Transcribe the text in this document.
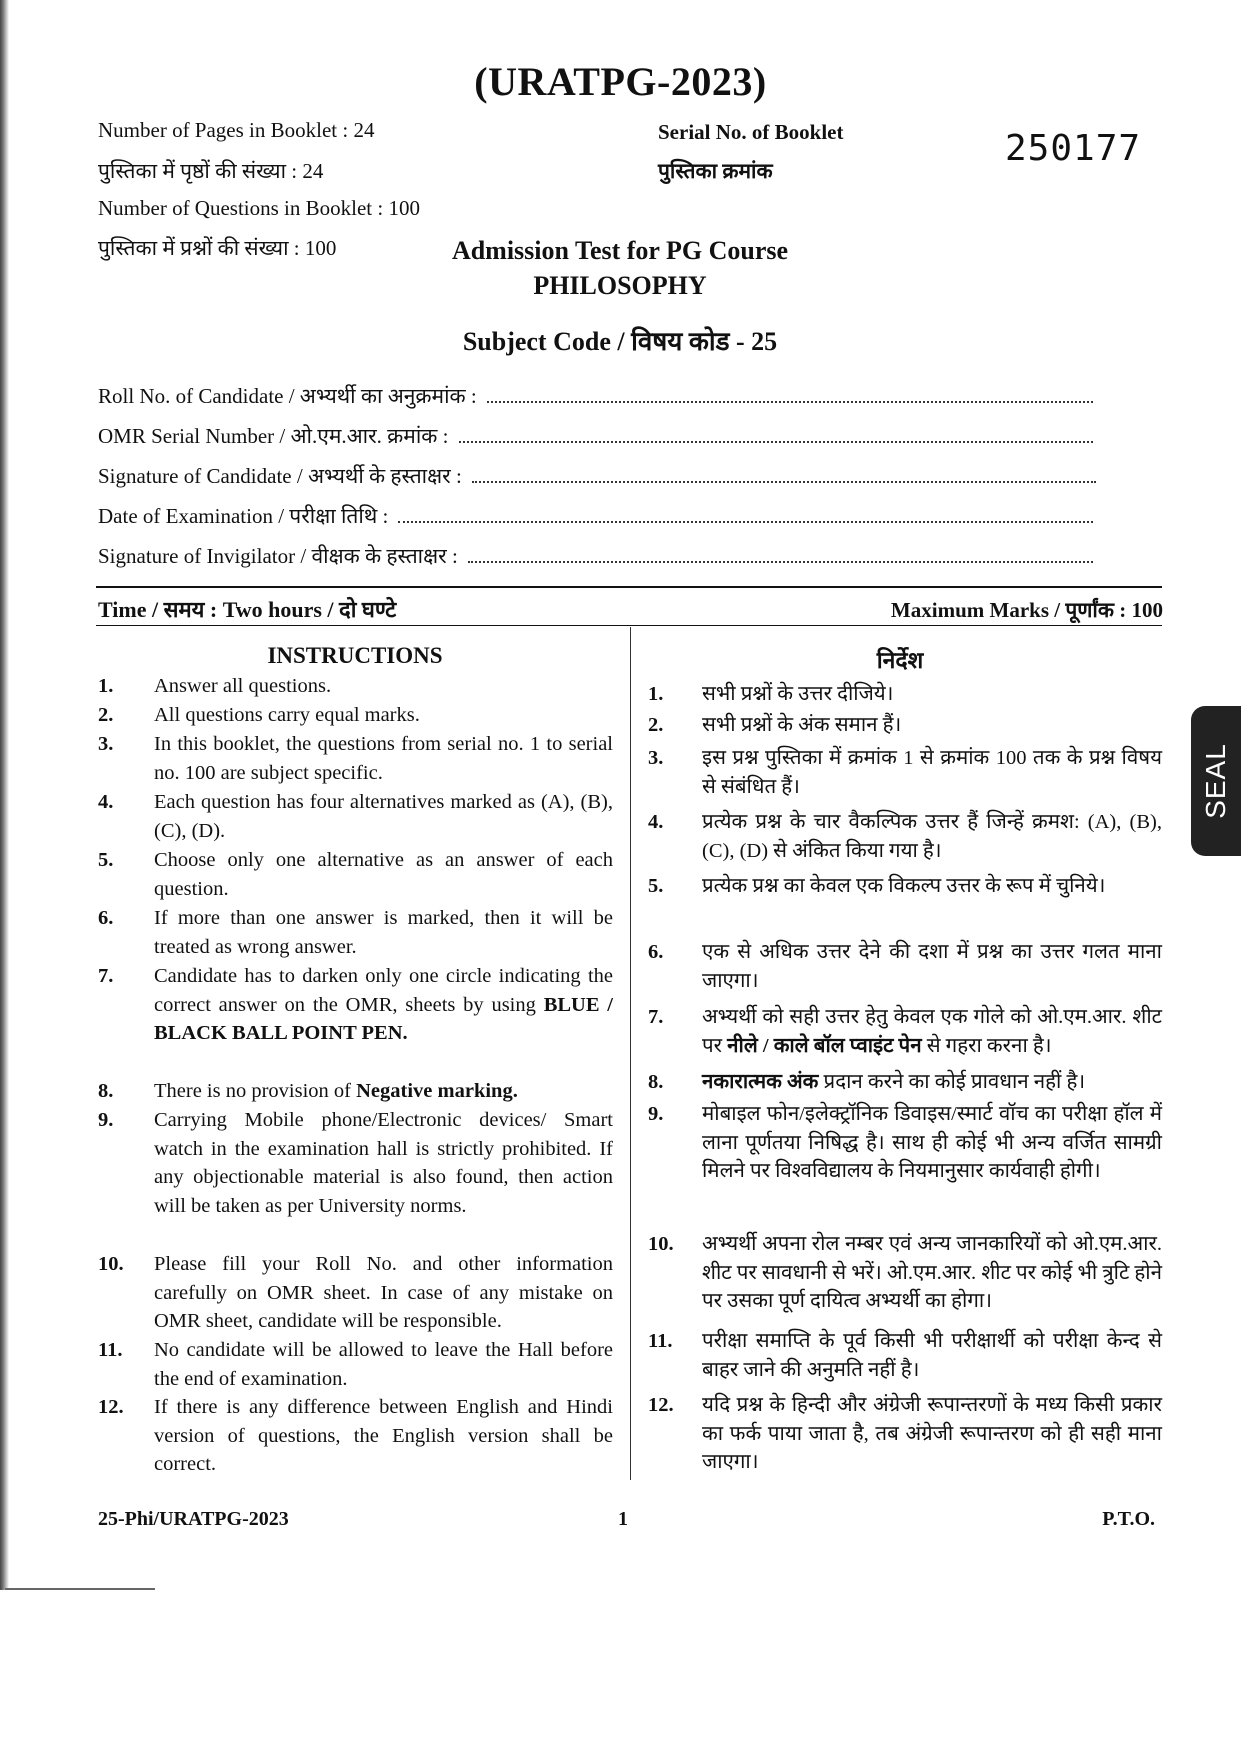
(URATPG-2023)
Number of Pages in Booklet : 24
पुस्तिका में पृष्ठों की संख्या : 24
Number of Questions in Booklet : 100
पुस्तिका में प्रश्नों की संख्या : 100
Serial No. of Booklet
पुस्तिका क्रमांक
250177
Admission Test for PG Course
PHILOSOPHY
Subject Code / विषय कोड - 25
Roll No. of Candidate / अभ्यर्थी का अनुक्रमांक :
OMR Serial Number / ओ.एम.आर. क्रमांक :
Signature of Candidate / अभ्यर्थी के हस्ताक्षर :
Date of Examination / परीक्षा तिथि :
Signature of Invigilator / वीक्षक के हस्ताक्षर :
Time / समय : Two hours / दो घण्टे	Maximum Marks / पूर्णांक : 100
INSTRUCTIONS	निर्देश
1.	Answer all questions.
2.	All questions carry equal marks.
3.	In this booklet, the questions from serial no. 1 to serial no. 100 are subject specific.
4.	Each question has four alternatives marked as (A), (B), (C), (D).
5.	Choose only one alternative as an answer of each question.
6.	If more than one answer is marked, then it will be treated as wrong answer.
7.	Candidate has to darken only one circle indicating the correct answer on the OMR, sheets by using BLUE / BLACK BALL POINT PEN.
8.	There is no provision of Negative marking.
9.	Carrying Mobile phone/Electronic devices/ Smart watch in the examination hall is strictly prohibited. If any objectionable material is also found, then action will be taken as per University norms.
10.	Please fill your Roll No. and other information carefully on OMR sheet. In case of any mistake on OMR sheet, candidate will be responsible.
11.	No candidate will be allowed to leave the Hall before the end of examination.
12.	If there is any difference between English and Hindi version of questions, the English version shall be correct.
1.	सभी प्रश्नों के उत्तर दीजिये।
2.	सभी प्रश्नों के अंक समान हैं।
3.	इस प्रश्न पुस्तिका में क्रमांक 1 से क्रमांक 100 तक के प्रश्न विषय से संबंधित हैं।
4.	प्रत्येक प्रश्न के चार वैकल्पिक उत्तर हैं जिन्हें क्रमश: (A), (B), (C), (D) से अंकित किया गया है।
5.	प्रत्येक प्रश्न का केवल एक विकल्प उत्तर के रूप में चुनिये।
6.	एक से अधिक उत्तर देने की दशा में प्रश्न का उत्तर गलत माना जाएगा।
7.	अभ्यर्थी को सही उत्तर हेतु केवल एक गोले को ओ.एम.आर. शीट पर नीले / काले बॉल प्वाइंट पेन से गहरा करना है।
8.	नकारात्मक अंक प्रदान करने का कोई प्रावधान नहीं है।
9.	मोबाइल फोन/इलेक्ट्रॉनिक डिवाइस/स्मार्ट वॉच का परीक्षा हॉल में लाना पूर्णतया निषिद्ध है। साथ ही कोई भी अन्य वर्जित सामग्री मिलने पर विश्वविद्यालय के नियमानुसार कार्यवाही होगी।
10.	अभ्यर्थी अपना रोल नम्बर एवं अन्य जानकारियों को ओ.एम.आर. शीट पर सावधानी से भरें। ओ.एम.आर. शीट पर कोई भी त्रुटि होने पर उसका पूर्ण दायित्व अभ्यर्थी का होगा।
11.	परीक्षा समाप्ति के पूर्व किसी भी परीक्षार्थी को परीक्षा केन्द से बाहर जाने की अनुमति नहीं है।
12.	यदि प्रश्न के हिन्दी और अंग्रेजी रूपान्तरणों के मध्य किसी प्रकार का फर्क पाया जाता है, तब अंग्रेजी रूपान्तरण को ही सही माना जाएगा।
25-Phi/URATPG-2023	1	P.T.O.
SEAL
